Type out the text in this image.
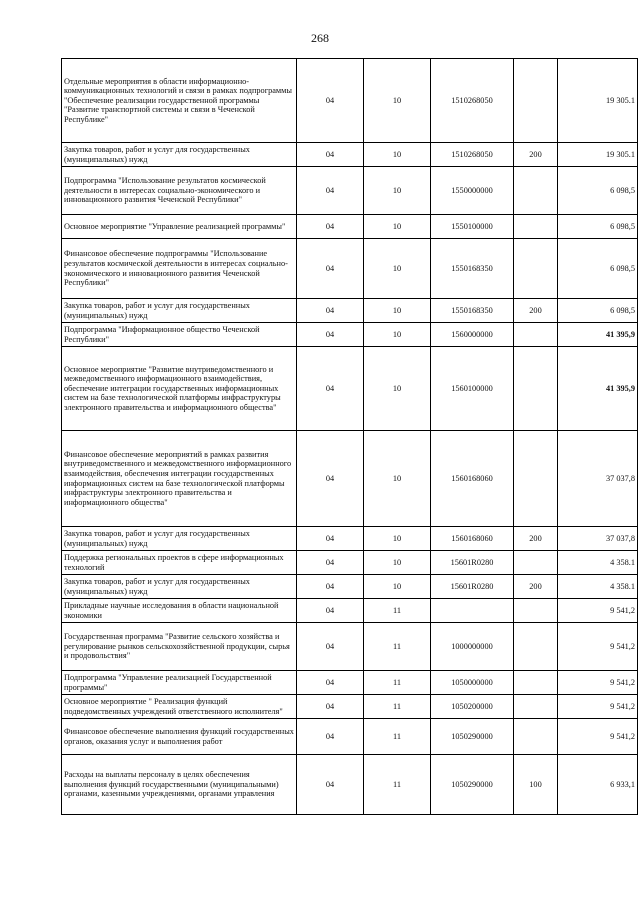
268
Отдельные мероприятия в области информационно-коммуникационных технологий и связи в рамках подпрограммы "Обеспечение реализации государственной программы "Развитие транспортной системы и связи в Чеченской Республике"	04	10	1510268050		19 305.1
Закупка товаров, работ и услуг для государственных (муниципальных) нужд	04	10	1510268050	200	19 305.1
Подпрограмма "Использование результатов космической деятельности в интересах социально-экономического и инновационного развития Чеченской Республики"	04	10	1550000000		6 098,5
Основное мероприятие "Управление реализацией программы"	04	10	1550100000		6 098,5
Финансовое обеспечение подпрограммы "Использование результатов космической деятельности в интересах социально-экономического и инновационного развития Чеченской Республики"	04	10	1550168350		6 098,5
Закупка товаров, работ и услуг для государственных (муниципальных) нужд	04	10	1550168350	200	6 098,5
Подпрограмма "Информационное общество Чеченской Республики"	04	10	1560000000		41 395,9
Основное мероприятие "Развитие внутриведомственного и межведомственного информационного взаимодействия, обеспечение интеграции государственных информационных систем на базе технологической платформы инфраструктуры электронного правительства и информационного общества"	04	10	1560100000		41 395,9
Финансовое обеспечение мероприятий в рамках развития внутриведомственного и межведомственного информационного взаимодействия, обеспечения интеграции государственных информационных систем на базе технологической платформы инфраструктуры электронного правительства и информационного общества"	04	10	1560168060		37 037,8
Закупка товаров, работ и услуг для государственных (муниципальных) нужд	04	10	1560168060	200	37 037,8
Поддержка региональных проектов в сфере информационных технологий	04	10	15601R0280		4 358.1
Закупка товаров, работ и услуг для государственных (муниципальных) нужд	04	10	15601R0280	200	4 358.1
Прикладные научные исследования в области национальной экономики	04	11			9 541,2
Государственная программа "Развитие сельского хозяйства и регулирование рынков сельскохозяйственной продукции, сырья и продовольствия"	04	11	1000000000		9 541,2
Подпрограмма "Управление реализацией Государственной программы"	04	11	1050000000		9 541,2
Основное мероприятие " Реализация функций подведомственных учреждений ответственного исполнителя"	04	11	1050200000		9 541,2
Финансовое обеспечение выполнения функций государственных органов, оказания услуг и выполнения работ	04	11	1050290000		9 541,2
Расходы на выплаты персоналу в целях обеспечения выполнения функций государственными (муниципальными) органами, казенными учреждениями, органами управления	04	11	1050290000	100	6 933,1
